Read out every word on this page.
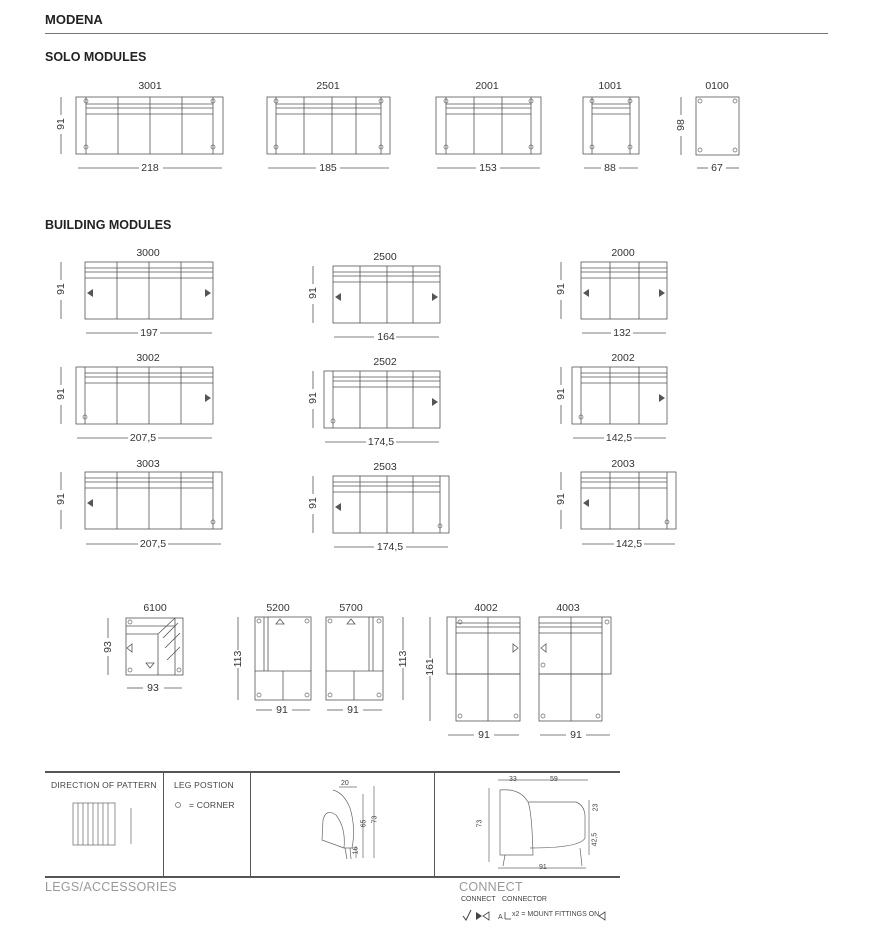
MODENA
SOLO MODULES
BUILDING MODULES
3001	2501	2001	1001	0100
218	185	153	88	67
91	98
3000	2500	2000
3002	2502	2002
3003	2503	2003
197	164	132
207,5	174,5	142,5
207,5	174,5	142,5
91	91	91
91	91	91
91	91	91
6100	5200	5700	4002	4003
93
91	91
91	91
93
113	113 161
DIRECTION OF PATTERN LEG POSTION
= CORNER
20
65
73
16
33	59
73
23
42,5
91
LEGS/ACCESSORIES	CONNECT
CONNECT CONNECTOR
A x2 = MOUNT FITTINGS ON
